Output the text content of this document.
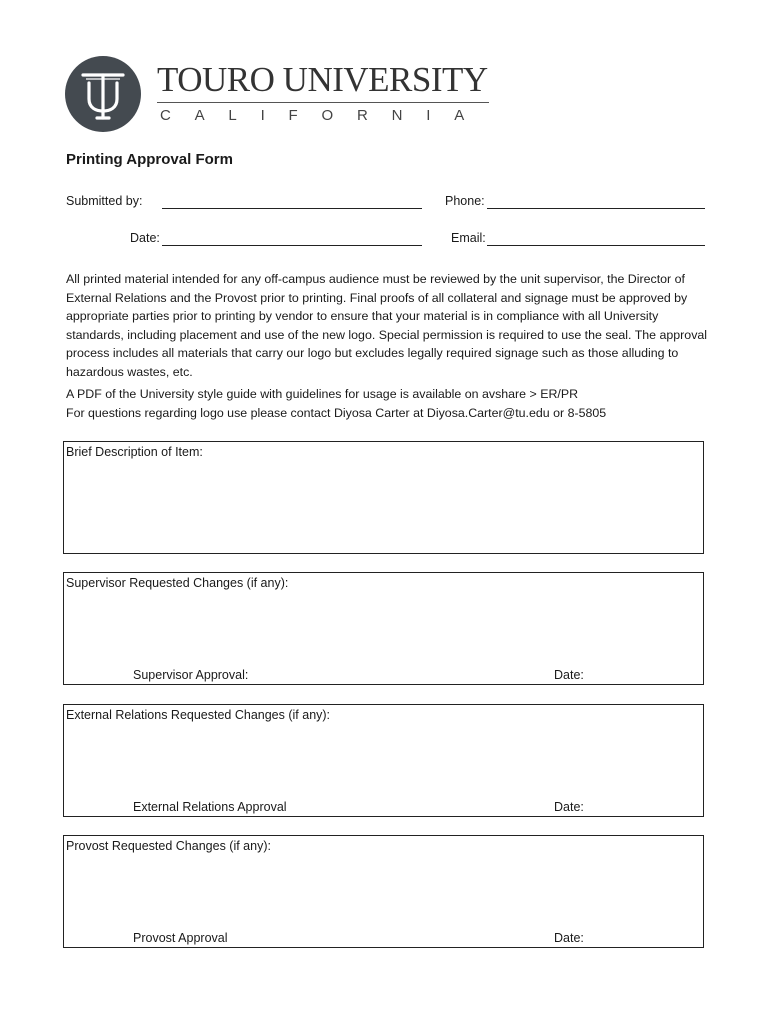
TOURO UNIVERSITY
CALIFORNIA
Printing Approval Form
Submitted by:	Phone:
Date:	Email:

All printed material intended for any off-campus audience must be reviewed by the unit supervisor, the Director of External Relations and the Provost prior to printing. Final proofs of all collateral and signage must be approved by appropriate parties prior to printing by vendor to ensure that your material is in compliance with all University standards, including placement and use of the new logo. Special permission is required to use the seal. The approval process includes all materials that carry our logo but excludes legally required signage such as those alluding to hazardous wastes, etc.

A PDF of the University style guide with guidelines for usage is available on avshare > ER/PR
For questions regarding logo use please contact Diyosa Carter at Diyosa.Carter@tu.edu or 8-5805
Brief Description of Item:
Supervisor Requested Changes (if any):
Supervisor Approval:	Date:
External Relations Requested Changes (if any):
External Relations Approval	Date:
Provost Requested Changes (if any):
Provost Approval	Date:
